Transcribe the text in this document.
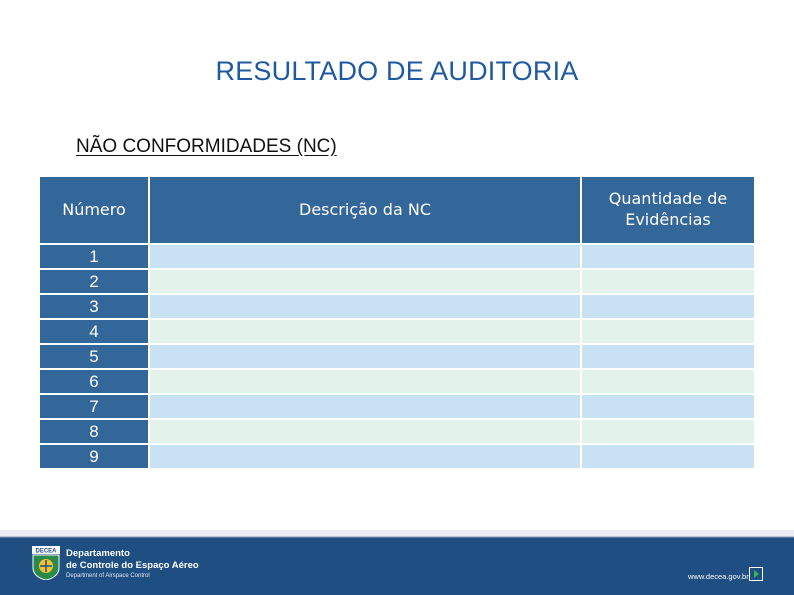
RESULTADO DE AUDITORIA
NÃO CONFORMIDADES (NC)
Número	Descrição da NC	Quantidade de Evidências
1		
2		
3		
4		
5		
6		
7		
8		
9		
DECEA Departamento
de Controle do Espaço Aéreo
Department of Airspace Control	www.decea.gov.br
